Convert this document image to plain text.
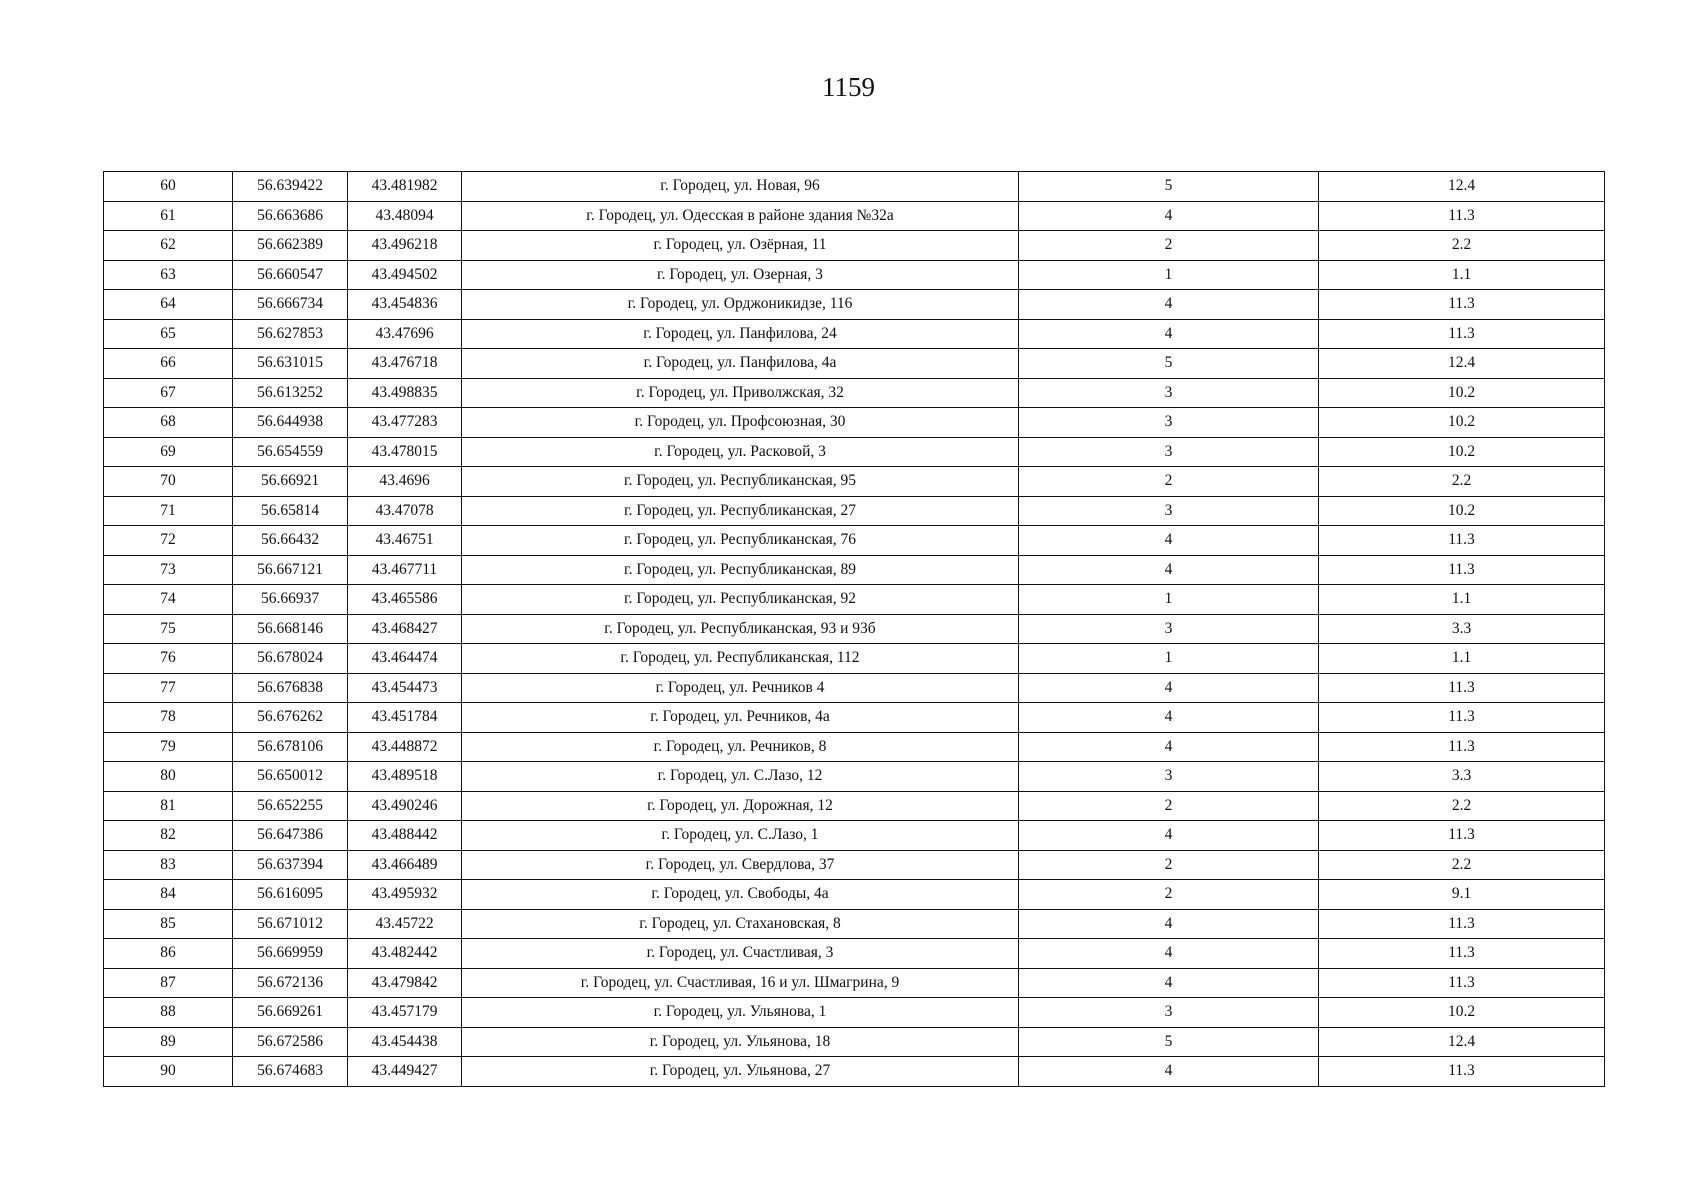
1159
60	56.639422	43.481982	г. Городец, ул. Новая, 96	5	12.4
61	56.663686	43.48094	г. Городец, ул. Одесская в районе здания №32а	4	11.3
62	56.662389	43.496218	г. Городец, ул. Озёрная, 11	2	2.2
63	56.660547	43.494502	г. Городец, ул. Озерная, 3	1	1.1
64	56.666734	43.454836	г. Городец, ул. Орджоникидзе, 116	4	11.3
65	56.627853	43.47696	г. Городец, ул. Панфилова, 24	4	11.3
66	56.631015	43.476718	г. Городец, ул. Панфилова, 4а	5	12.4
67	56.613252	43.498835	г. Городец, ул. Приволжская, 32	3	10.2
68	56.644938	43.477283	г. Городец, ул. Профсоюзная, 30	3	10.2
69	56.654559	43.478015	г. Городец, ул. Расковой, 3	3	10.2
70	56.66921	43.4696	г. Городец, ул. Республиканская, 95	2	2.2
71	56.65814	43.47078	г. Городец, ул. Республиканская, 27	3	10.2
72	56.66432	43.46751	г. Городец, ул. Республиканская, 76	4	11.3
73	56.667121	43.467711	г. Городец, ул. Республиканская, 89	4	11.3
74	56.66937	43.465586	г. Городец, ул. Республиканская, 92	1	1.1
75	56.668146	43.468427	г. Городец, ул. Республиканская, 93 и 93б	3	3.3
76	56.678024	43.464474	г. Городец, ул. Республиканская, 112	1	1.1
77	56.676838	43.454473	г. Городец, ул. Речников 4	4	11.3
78	56.676262	43.451784	г. Городец, ул. Речников, 4а	4	11.3
79	56.678106	43.448872	г. Городец, ул. Речников, 8	4	11.3
80	56.650012	43.489518	г. Городец, ул. С.Лазо, 12	3	3.3
81	56.652255	43.490246	г. Городец, ул. Дорожная, 12	2	2.2
82	56.647386	43.488442	г. Городец, ул. С.Лазо, 1	4	11.3
83	56.637394	43.466489	г. Городец, ул. Свердлова, 37	2	2.2
84	56.616095	43.495932	г. Городец, ул. Свободы, 4а	2	9.1
85	56.671012	43.45722	г. Городец, ул. Стахановская, 8	4	11.3
86	56.669959	43.482442	г. Городец, ул. Счастливая, 3	4	11.3
87	56.672136	43.479842	г. Городец, ул. Счастливая, 16 и ул. Шмагрина, 9	4	11.3
88	56.669261	43.457179	г. Городец, ул. Ульянова, 1	3	10.2
89	56.672586	43.454438	г. Городец, ул. Ульянова, 18	5	12.4
90	56.674683	43.449427	г. Городец, ул. Ульянова, 27	4	11.3
